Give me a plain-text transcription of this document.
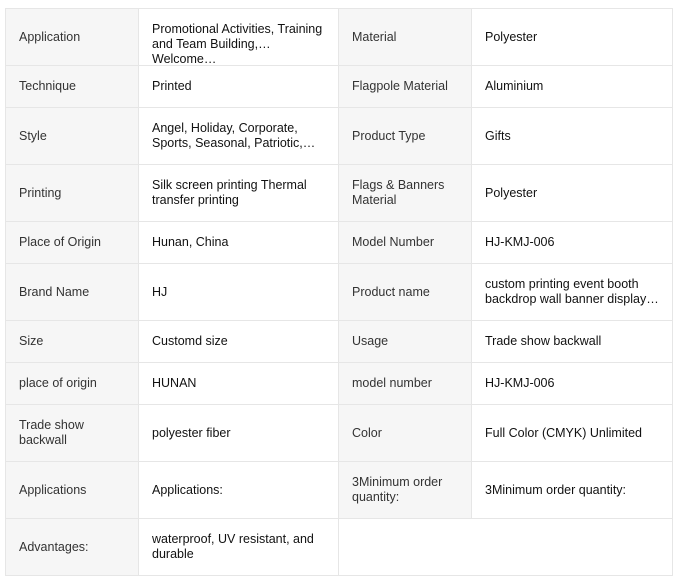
Application	Promotional Activities, Training and Team Building, Welcome…	Material	Polyester

Technique	Printed	Flagpole Material	Aluminium

Style	Angel, Holiday, Corporate, Sports, Seasonal, Patriotic,…	Product Type	Gifts

Printing	Silk screen printing Thermal transfer printing	Flags & Banners Material	Polyester

Place of Origin	Hunan, China	Model Number	HJ-KMJ-006

Brand Name	HJ	Product name	custom printing event booth backdrop wall banner display…

Size	Customd size	Usage	Trade show backwall

place of origin	HUNAN	model number	HJ-KMJ-006

Trade show backwall	polyester fiber	Color	Full Color (CMYK) Unlimited

Applications	Applications:	3Minimum order quantity:	3Minimum order quantity:

Advantages:	waterproof, UV resistant, and durable		
